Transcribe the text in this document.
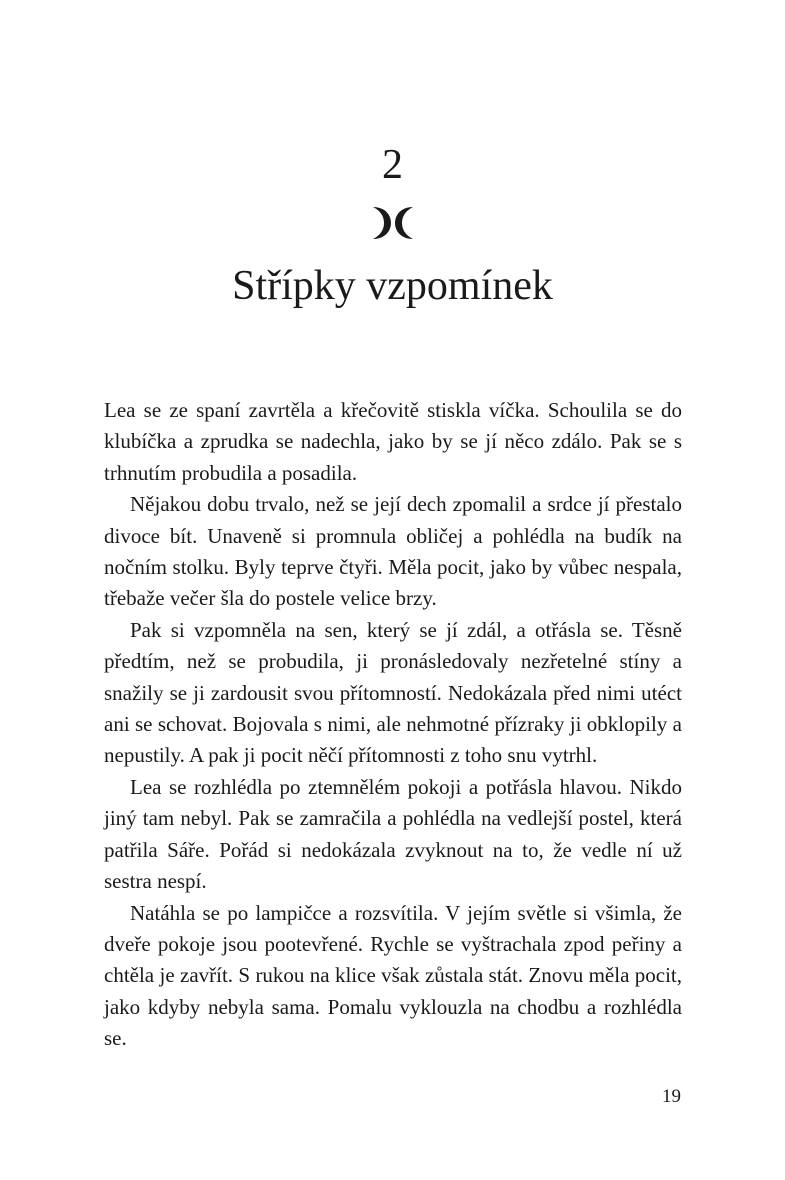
2
Střípky vzpomínek

Lea se ze spaní zavrtěla a křečovitě stiskla víčka. Schoulila se do klubíčka a zprudka se nadechla, jako by se jí něco zdálo. Pak se s trhnutím probudila a posadila.

Nějakou dobu trvalo, než se její dech zpomalil a srdce jí přestalo divoce bít. Unaveně si promnula obličej a pohlédla na budík na nočním stolku. Byly teprve čtyři. Měla pocit, jako by vůbec nespala, třebaže večer šla do postele velice brzy.

Pak si vzpomněla na sen, který se jí zdál, a otřásla se. Těsně předtím, než se probudila, ji pronásledovaly nezřetelné stíny a snažily se ji zardousit svou přítomností. Nedokázala před nimi utéct ani se schovat. Bojovala s nimi, ale nehmotné přízraky ji obklopily a nepustily. A pak ji pocit něčí přítomnosti z toho snu vytrhl.

Lea se rozhlédla po ztemnělém pokoji a potřásla hlavou. Nikdo jiný tam nebyl. Pak se zamračila a pohlédla na vedlejší postel, která patřila Sáře. Pořád si nedokázala zvyknout na to, že vedle ní už sestra nespí.

Natáhla se po lampičce a rozsvítila. V jejím světle si všimla, že dveře pokoje jsou pootevřené. Rychle se vyštrachala zpod peřiny a chtěla je zavřít. S rukou na klice však zůstala stát. Znovu měla pocit, jako kdyby nebyla sama. Pomalu vyklouzla na chodbu a rozhlédla se.

19
